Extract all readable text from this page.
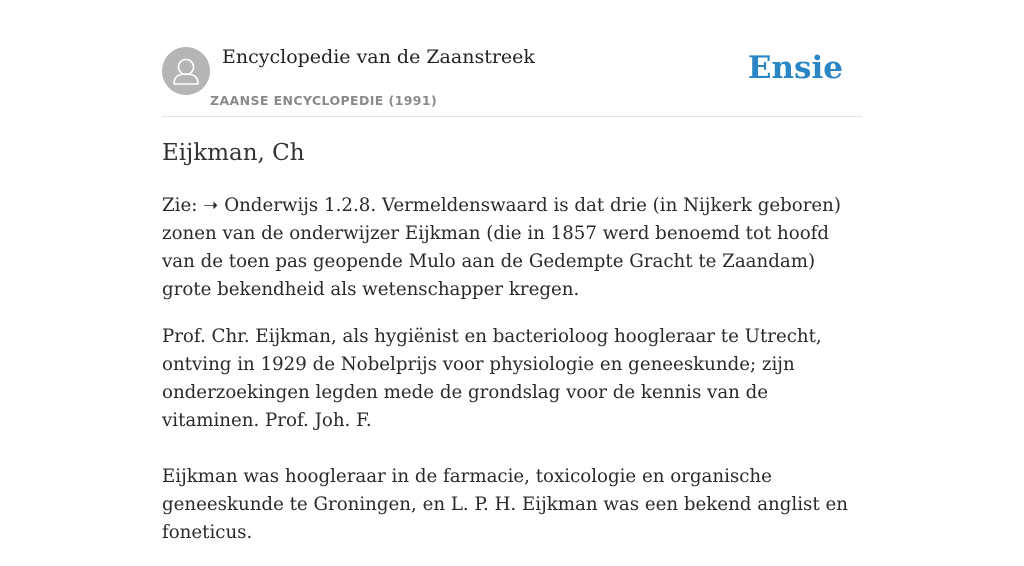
Encyclopedie van de Zaanstreek
ZAANSE ENCYCLOPEDIE (1991)
Ensie
Eijkman, Ch

Zie: ➝ Onderwijs 1.2.8. Vermeldenswaard is dat drie (in Nijkerk geboren) zonen van de onderwijzer Eijkman (die in 1857 werd benoemd tot hoofd van de toen pas geopende Mulo aan de Gedempte Gracht te Zaandam) grote bekendheid als wetenschapper kregen.

Prof. Chr. Eijkman, als hygiënist en bacterioloog hoogleraar te Utrecht, ontving in 1929 de Nobelprijs voor physiologie en geneeskunde; zijn onderzoekingen legden mede de grondslag voor de kennis van de vitaminen. Prof. Joh. F.

Eijkman was hoogleraar in de farmacie, toxicologie en organische geneeskunde te Groningen, en L. P. H. Eijkman was een bekend anglist en foneticus.
